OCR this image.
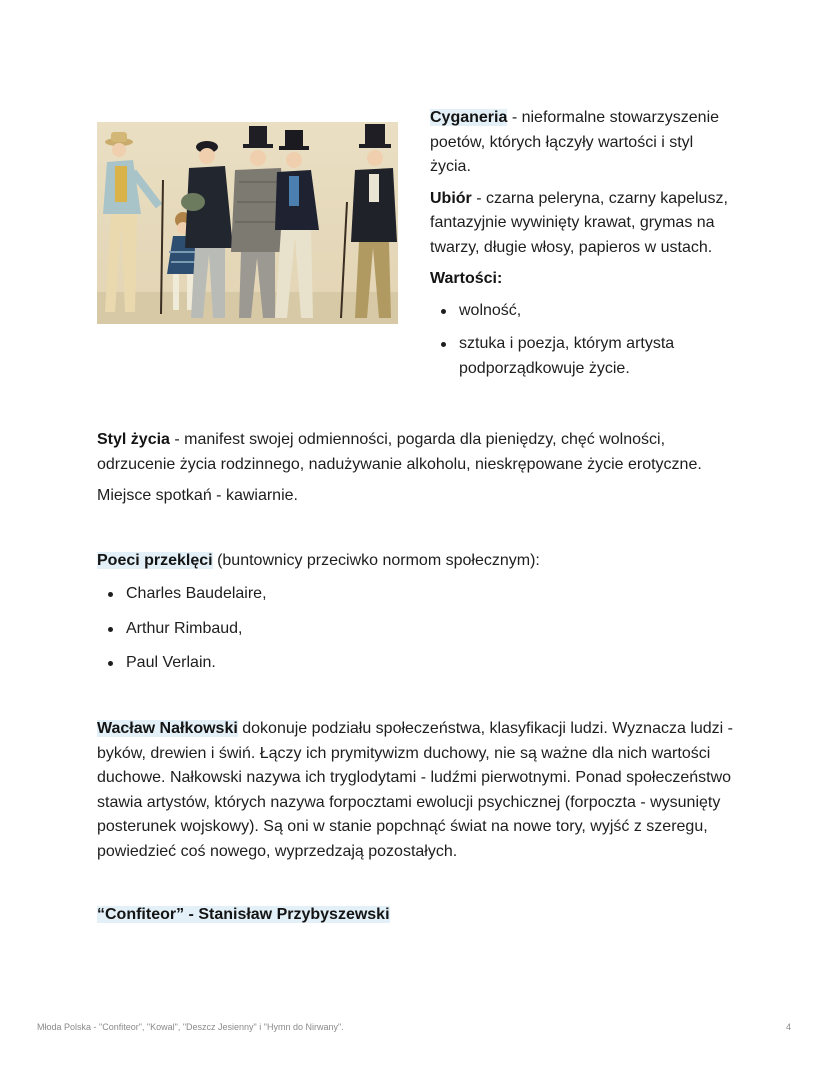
Cyganeria - nieformalne stowarzyszenie poetów, których łączyły wartości i styl życia.

Ubiór - czarna peleryna, czarny kapelusz, fantazyjnie wywinięty krawat, grymas na twarzy, długie włosy, papieros w ustach.

Wartości:

wolność,
sztuka i poezja, którym artysta podporządkowuje życie.

Styl życia - manifest swojej odmienności, pogarda dla pieniędzy, chęć wolności, odrzucenie życia rodzinnego, nadużywanie alkoholu, nieskrępowane życie erotyczne.

Miejsce spotkań - kawiarnie.

Poeci przeklęci (buntownicy przeciwko normom społecznym):

Charles Baudelaire,
Arthur Rimbaud,
Paul Verlain.

Wacław Nałkowski dokonuje podziału społeczeństwa, klasyfikacji ludzi. Wyznacza ludzi - byków, drewien i świń. Łączy ich prymitywizm duchowy, nie są ważne dla nich wartości duchowe. Nałkowski nazywa ich tryglodytami - ludźmi pierwotnymi. Ponad społeczeństwo stawia artystów, których nazywa forpocztami ewolucji psychicznej (forpoczta - wysunięty posterunek wojskowy). Są oni w stanie popchnąć świat na nowe tory, wyjść z szeregu, powiedzieć coś nowego, wyprzedzają pozostałych.

“Confiteor” - Stanisław Przybyszewski

Młoda Polska - "Confiteor", "Kowal", "Deszcz Jesienny" i "Hymn do Nirwany".	4
